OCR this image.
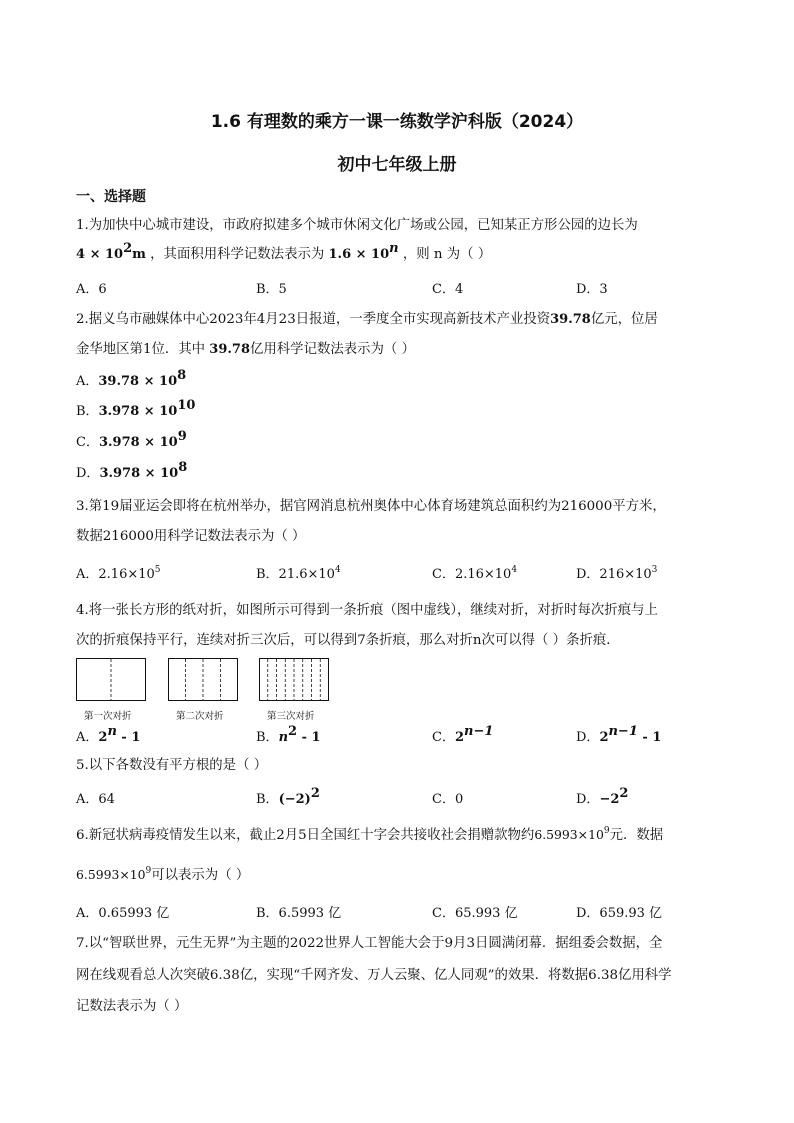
1.6 有理数的乘方一课一练数学沪科版（2024）
初中七年级上册
一、选择题
1.为加快中心城市建设，市政府拟建多个城市休闲文化广场或公园，已知某正方形公园的边长为
$4 \times 10^2m$ ，其面积用科学记数法表示为 $1.6 \times 10^n$ ，则 n 为（ ）
A．6	B．5	C．4	D．3
2.据义乌市融媒体中心2023年4月23日报道，一季度全市实现高新技术产业投资39.78亿元，位居
金华地区第1位．其中 39.78亿用科学记数法表示为（ ）
A．$39.78 \times 10^8$
B．$3.978 \times 10^{10}$
C．$3.978 \times 10^9$
D．$3.978 \times 10^8$
3.第19届亚运会即将在杭州举办，据官网消息杭州奥体中心体育场建筑总面积约为216000平方米，
数据216000用科学记数法表示为（ ）
A．$2.16\times 10^5$	B．$21.6\times 10^4$	C．$2.16\times 10^4$	D．$216\times 10^3$
4.将一张长方形的纸对折，如图所示可得到一条折痕（图中虚线），继续对折，对折时每次折痕与上
次的折痕保持平行，连续对折三次后，可以得到7条折痕，那么对折n次可以得（ ）条折痕．
第一次对折	第二次对折	第三次对折
A．2$^n$ - 1	B．$n^2 - 1$	C．$2^{n-1}$	D．$2^{n-1} - 1$
5.以下各数没有平方根的是（ ）
A．64	B．$(-2)^2$	C．0	D．$-2^2$
6.新冠状病毒疫情发生以来，截止2月5日全国红十字会共接收社会捐赠款物约$6.5993\times 10^9$元．数据
$6.5993\times 10^9$可以表示为（ ）
A．0.65993 亿	B．6.5993 亿	C．65.993 亿	D．659.93 亿
7.以“智联世界，元生无界”为主题的2022世界人工智能大会于9月3日圆满闭幕．据组委会数据，全
网在线观看总人次突破6.38亿，实现“千网齐发、万人云聚、亿人同观”的效果．将数据6.38亿用科学
记数法表示为（ ）
